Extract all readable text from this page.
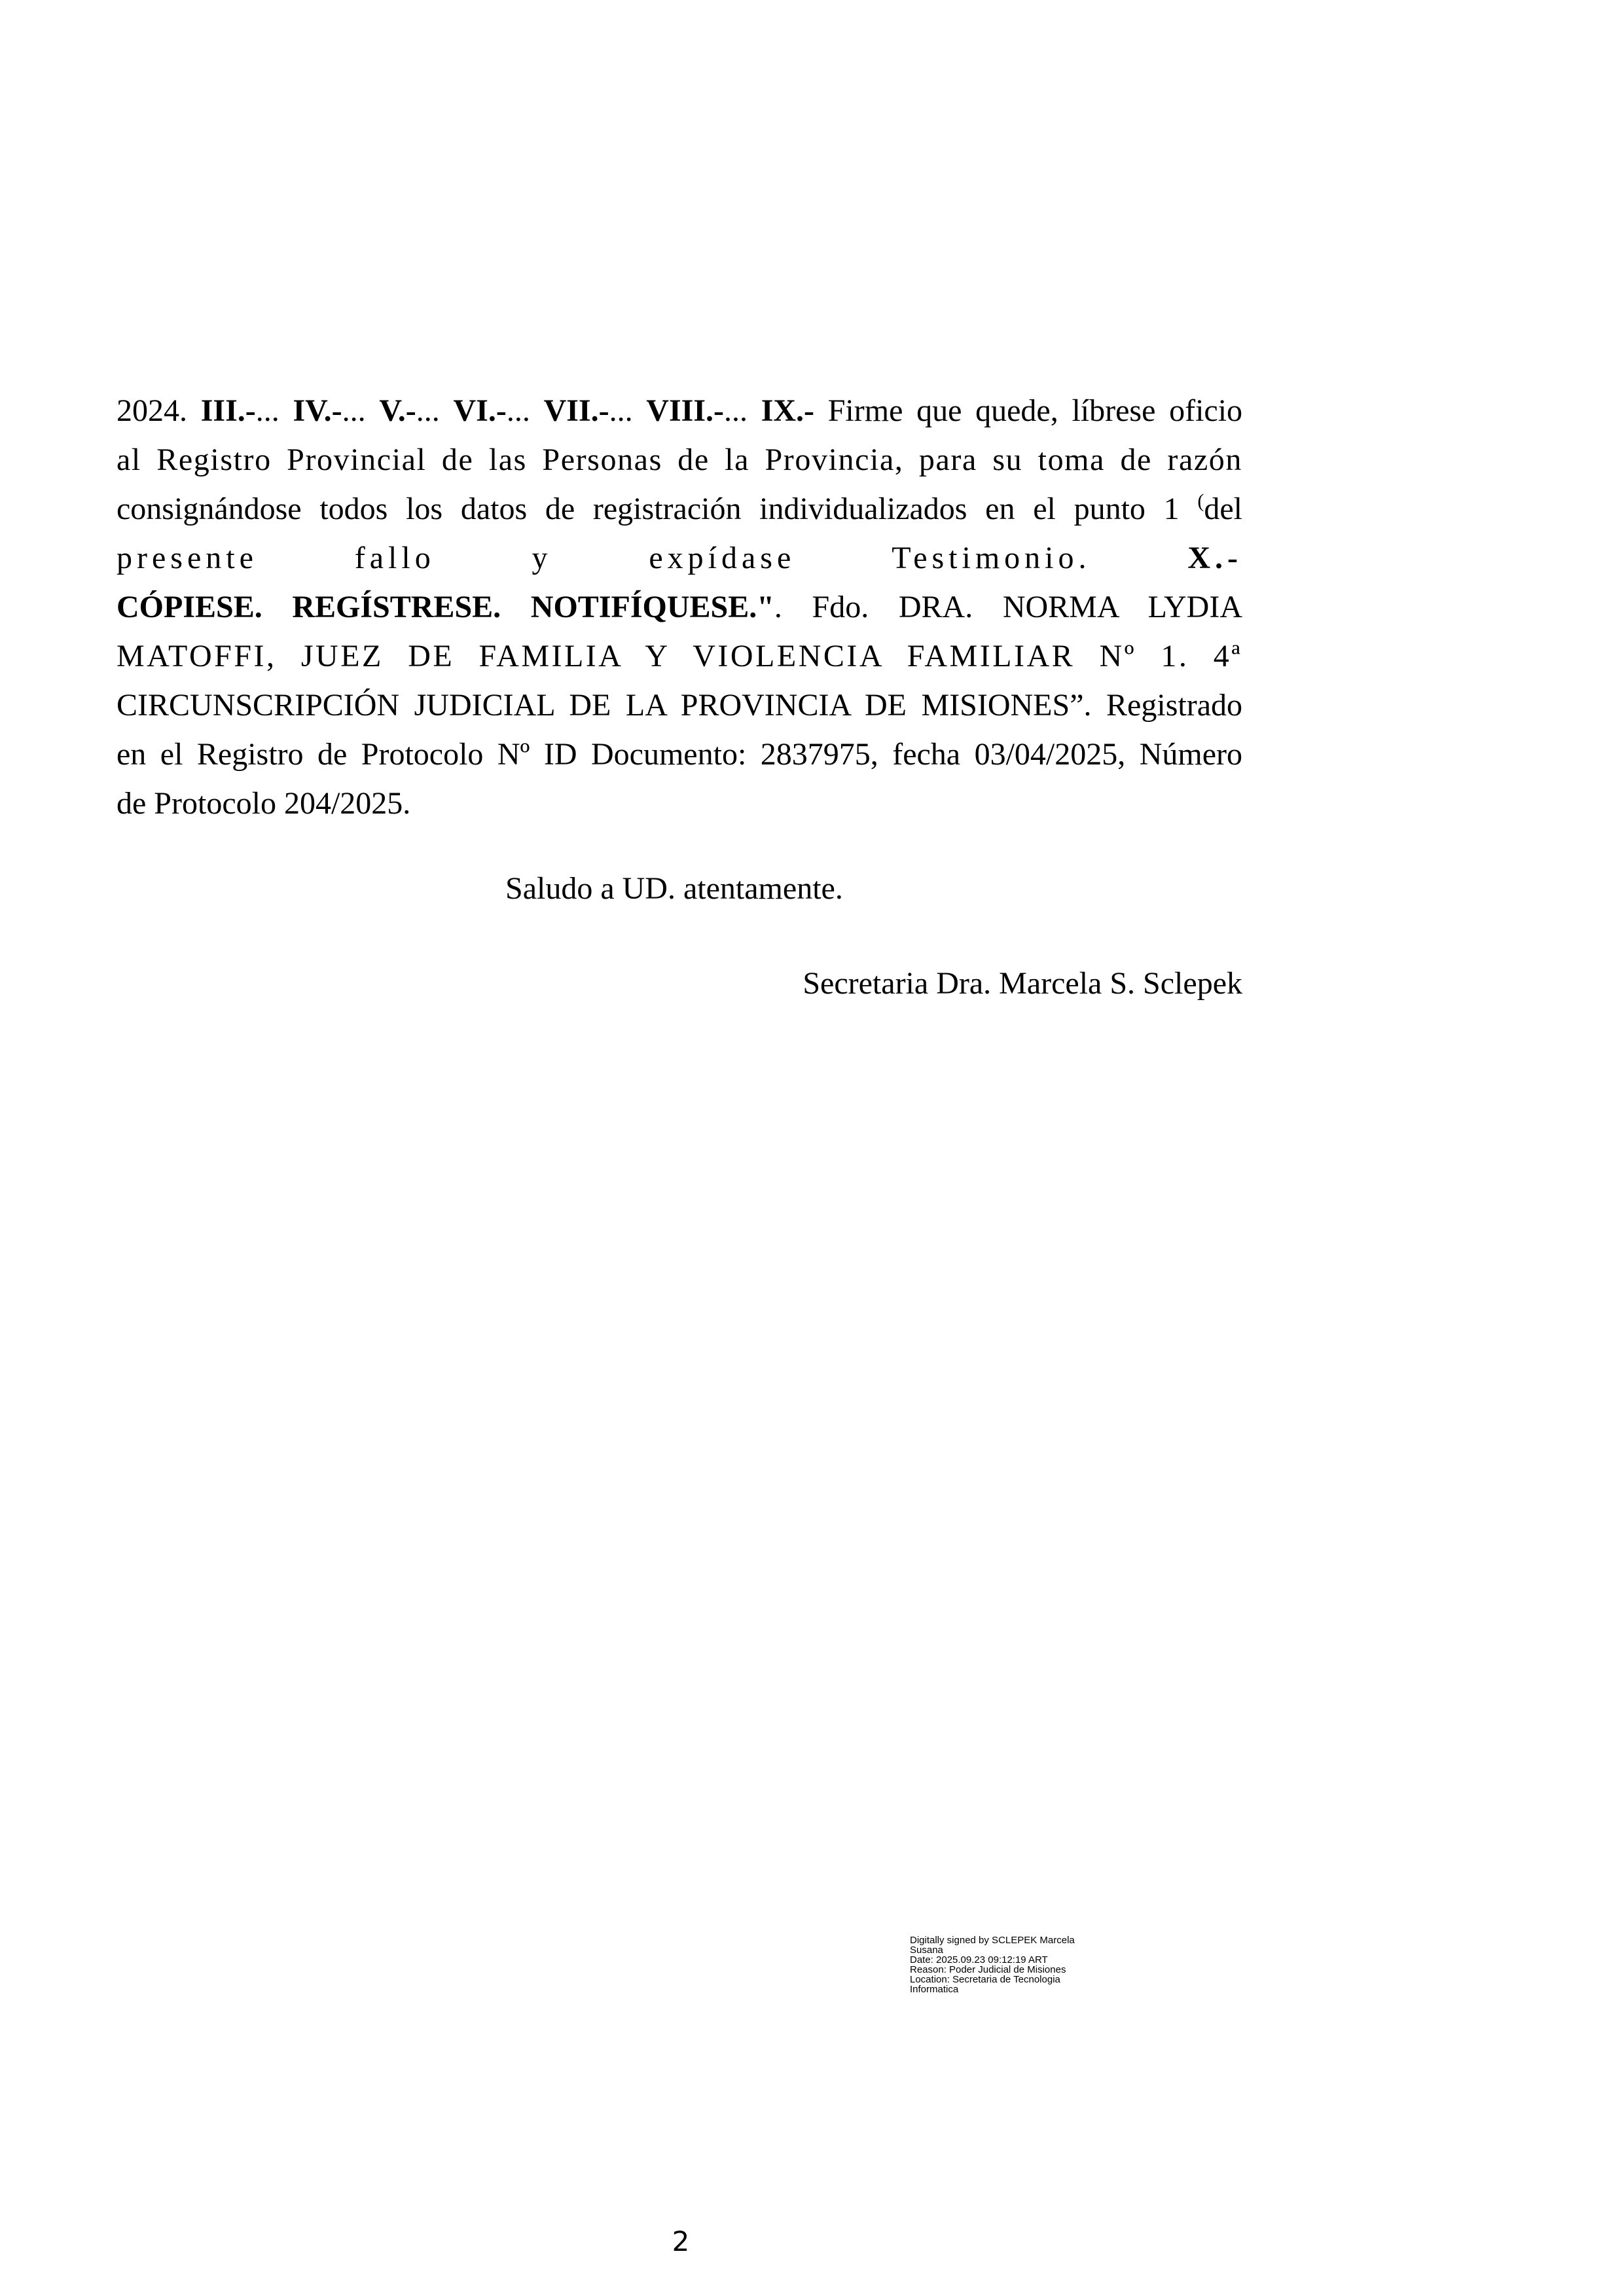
2024. III.-... IV.-... V.-... VI.-... VII.-... VIII.-... IX.- Firme que quede, líbrese oficio
al Registro Provincial de las Personas de la Provincia, para su toma de razón
consignándose todos los datos de registración individualizados en el punto 1 (del
presente fallo y expídase Testimonio. X.-
CÓPIESE. REGÍSTRESE. NOTIFÍQUESE.". Fdo. DRA. NORMA LYDIA
MATOFFI, JUEZ DE FAMILIA Y VIOLENCIA FAMILIAR Nº 1. 4ª
CIRCUNSCRIPCIÓN JUDICIAL DE LA PROVINCIA DE MISIONES”. Registrado
en el Registro de Protocolo Nº ID Documento: 2837975, fecha 03/04/2025, Número
de Protocolo 204/2025.
Saludo a UD. atentamente.
Secretaria Dra. Marcela S. Sclepek
Digitally signed by SCLEPEK Marcela
Susana
Date: 2025.09.23 09:12:19 ART
Reason: Poder Judicial de Misiones
Location: Secretaria de Tecnologia
Informatica
2
